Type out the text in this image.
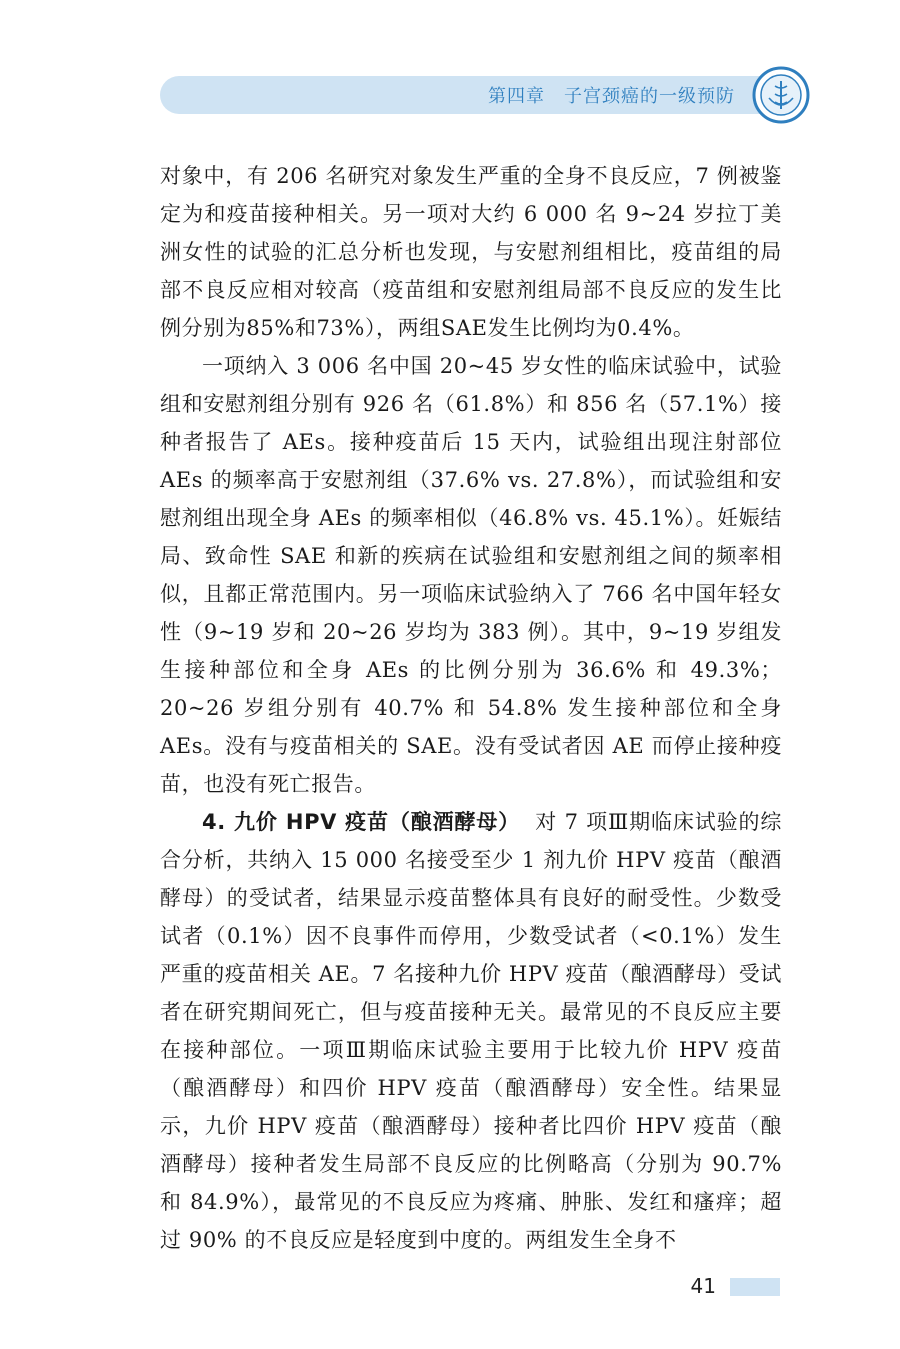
第四章　子宫颈癌的一级预防

对象中，有 206 名研究对象发生严重的全身不良反应，7 例被鉴定为和疫苗接种相关。另一项对大约 6 000 名 9~24 岁拉丁美洲女性的试验的汇总分析也发现，与安慰剂组相比，疫苗组的局部不良反应相对较高（疫苗组和安慰剂组局部不良反应的发生比例分别为85%和73%），两组SAE发生比例均为0.4%。

一项纳入 3 006 名中国 20~45 岁女性的临床试验中，试验组和安慰剂组分别有 926 名（61.8%）和 856 名（57.1%）接种者报告了 AEs。接种疫苗后 15 天内，试验组出现注射部位 AEs 的频率高于安慰剂组（37.6% vs. 27.8%），而试验组和安慰剂组出现全身 AEs 的频率相似（46.8% vs. 45.1%）。妊娠结局、致命性 SAE 和新的疾病在试验组和安慰剂组之间的频率相似，且都正常范围内。另一项临床试验纳入了 766 名中国年轻女性（9~19 岁和 20~26 岁均为 383 例）。其中，9~19 岁组发生接种部位和全身 AEs 的比例分别为 36.6% 和 49.3%；20~26 岁组分别有 40.7% 和 54.8% 发生接种部位和全身 AEs。没有与疫苗相关的 SAE。没有受试者因 AE 而停止接种疫苗，也没有死亡报告。

4. 九价 HPV 疫苗（酿酒酵母） 对 7 项Ⅲ期临床试验的综合分析，共纳入 15 000 名接受至少 1 剂九价 HPV 疫苗（酿酒酵母）的受试者，结果显示疫苗整体具有良好的耐受性。少数受试者（0.1%）因不良事件而停用，少数受试者（<0.1%）发生严重的疫苗相关 AE。7 名接种九价 HPV 疫苗（酿酒酵母）受试者在研究期间死亡，但与疫苗接种无关。最常见的不良反应主要在接种部位。一项Ⅲ期临床试验主要用于比较九价 HPV 疫苗（酿酒酵母）和四价 HPV 疫苗（酿酒酵母）安全性。结果显示，九价 HPV 疫苗（酿酒酵母）接种者比四价 HPV 疫苗（酿酒酵母）接种者发生局部不良反应的比例略高（分别为 90.7% 和 84.9%），最常见的不良反应为疼痛、肿胀、发红和瘙痒；超过 90% 的不良反应是轻度到中度的。两组发生全身不

41
